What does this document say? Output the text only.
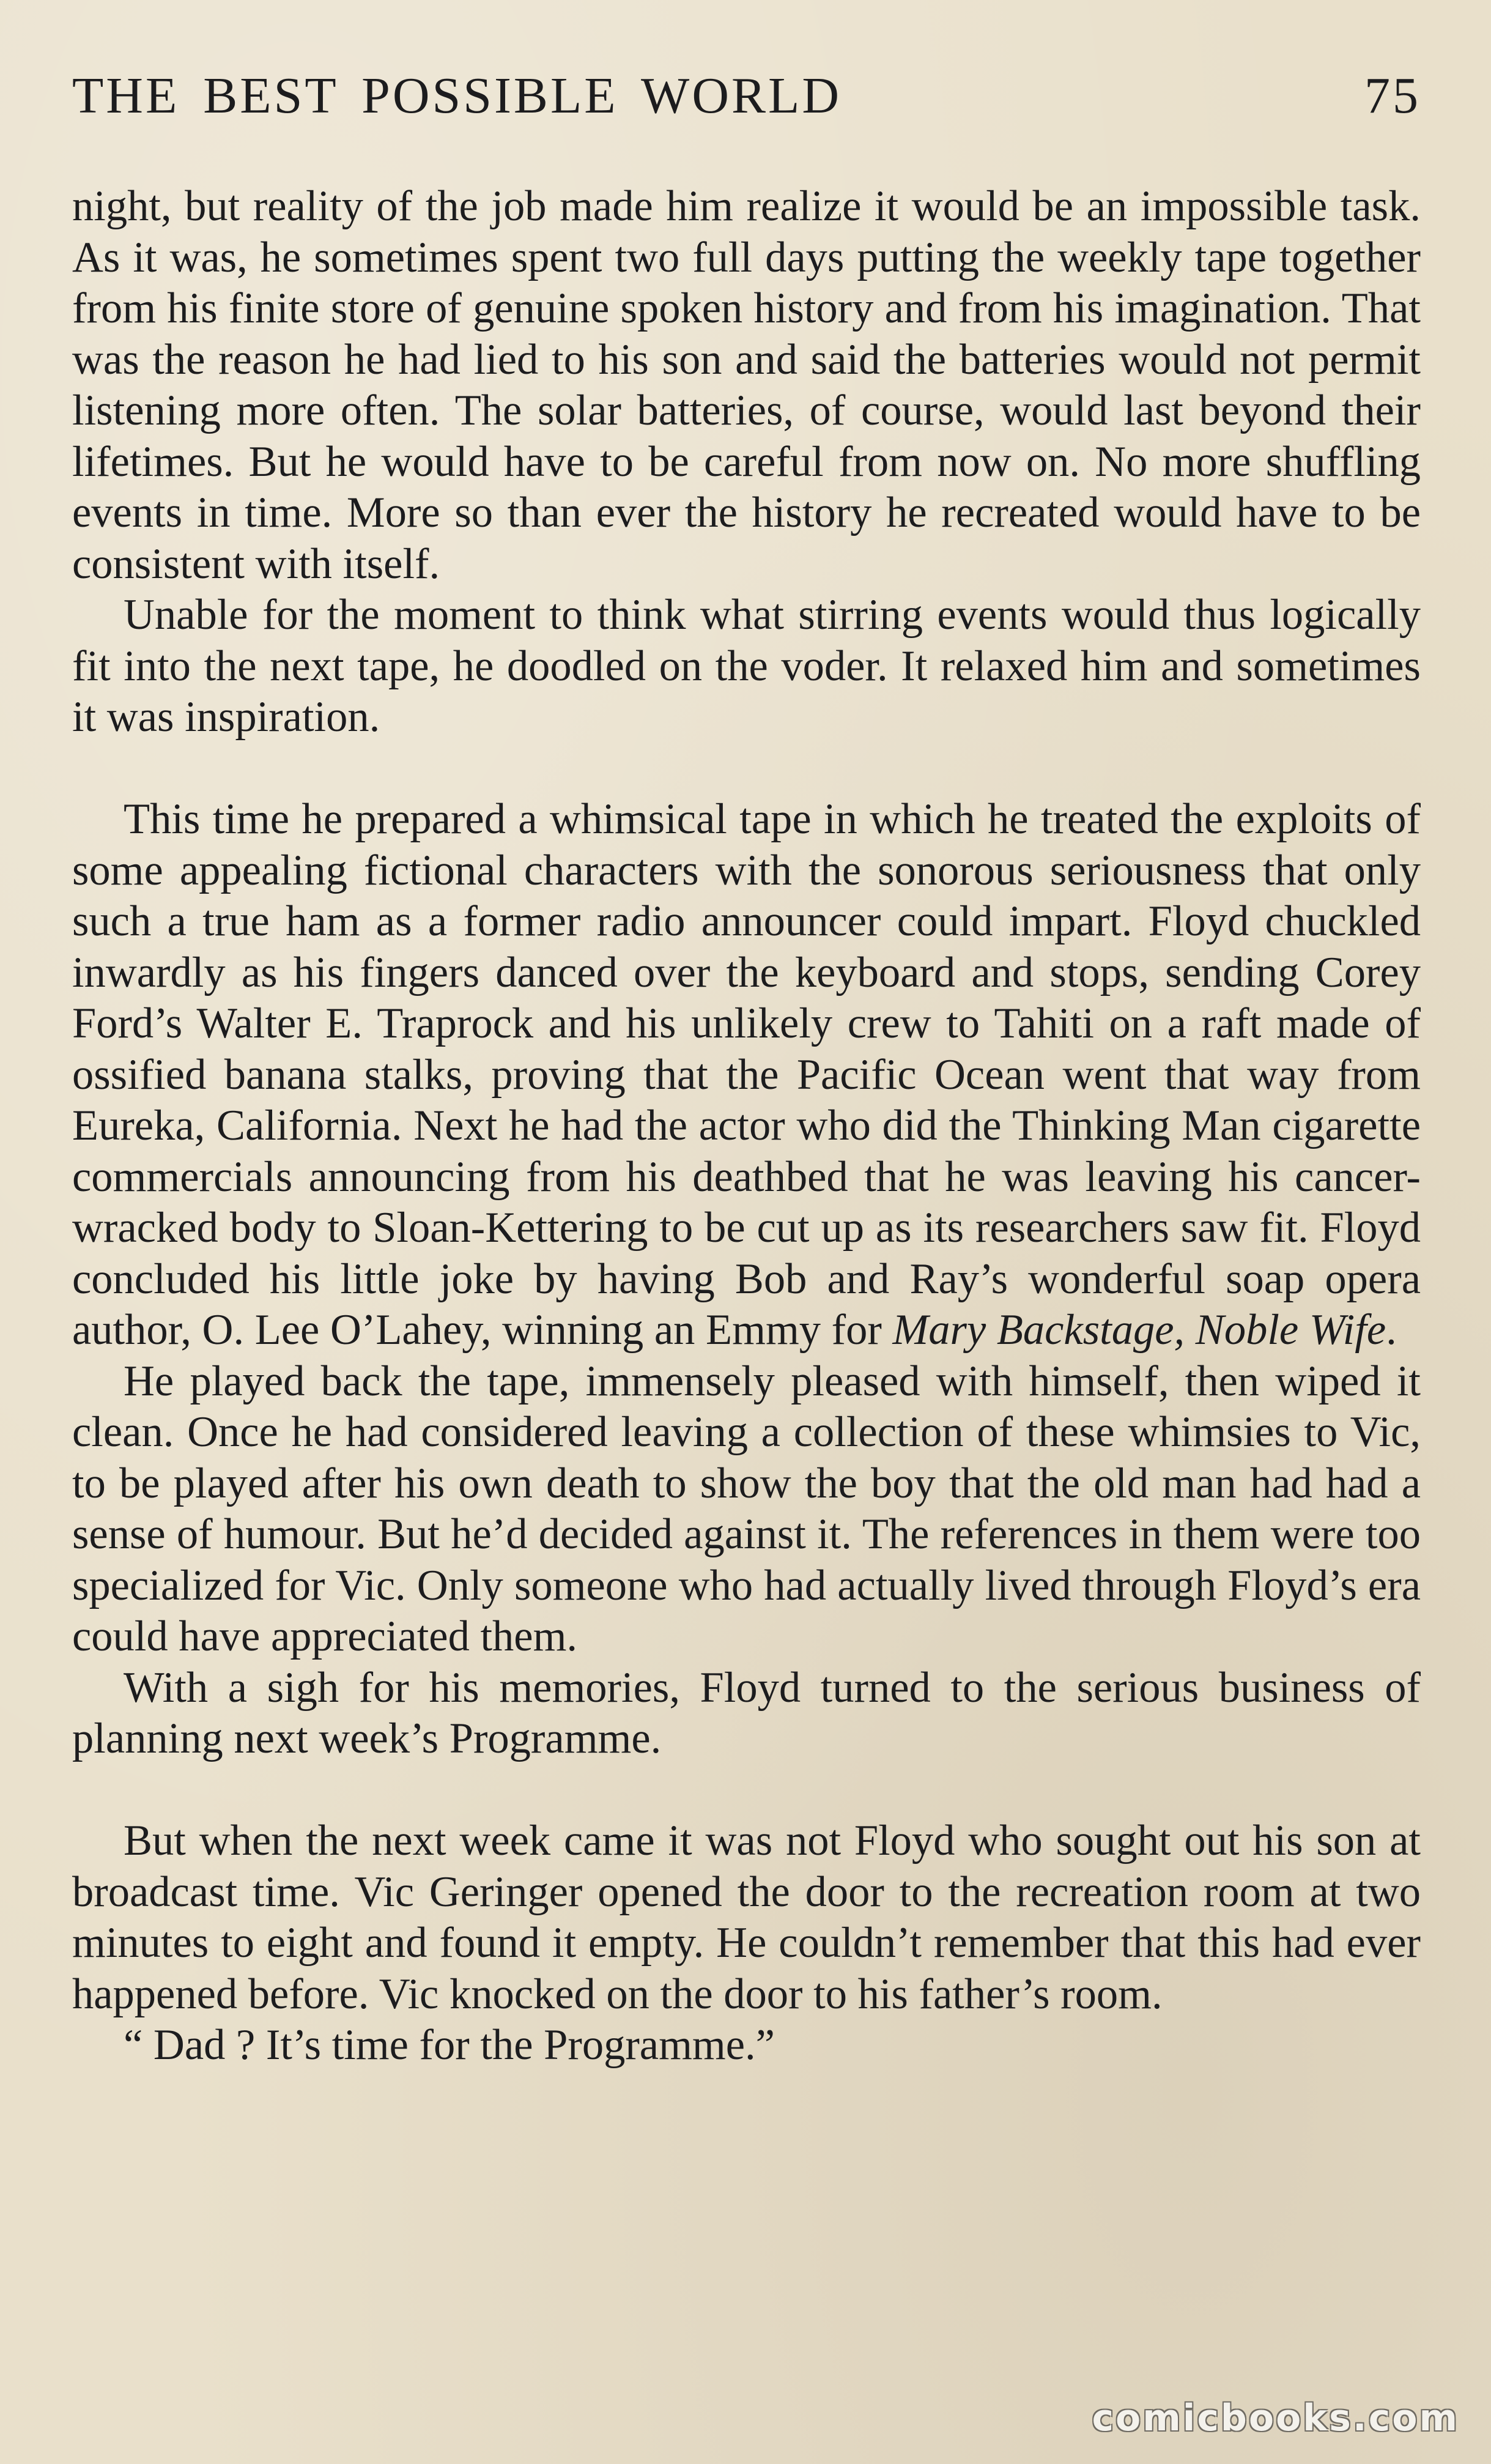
THE BEST POSSIBLE WORLD	75

night, but reality of the job made him realize it would be an impossible task. As it was, he sometimes spent two full days putting the weekly tape together from his finite store of genuine spoken history and from his imagination. That was the reason he had lied to his son and said the batteries would not permit listening more often. The solar batteries, of course, would last beyond their lifetimes. But he would have to be careful from now on. No more shuffling events in time. More so than ever the history he recreated would have to be consistent with itself.

Unable for the moment to think what stirring events would thus logically fit into the next tape, he doodled on the voder. It relaxed him and sometimes it was inspiration.

This time he prepared a whimsical tape in which he treated the exploits of some appealing fictional characters with the sonorous seriousness that only such a true ham as a former radio announcer could impart. Floyd chuckled inwardly as his fingers danced over the keyboard and stops, sending Corey Ford’s Walter E. Traprock and his unlikely crew to Tahiti on a raft made of ossified banana stalks, proving that the Pacific Ocean went that way from Eureka, California. Next he had the actor who did the Thinking Man cigarette commercials announcing from his deathbed that he was leaving his cancer-wracked body to Sloan-Kettering to be cut up as its researchers saw fit. Floyd concluded his little joke by having Bob and Ray’s wonderful soap opera author, O. Lee O’Lahey, winning an Emmy for Mary Backstage, Noble Wife.

He played back the tape, immensely pleased with himself, then wiped it clean. Once he had considered leaving a collection of these whimsies to Vic, to be played after his own death to show the boy that the old man had had a sense of humour. But he’d decided against it. The references in them were too specialized for Vic. Only someone who had actually lived through Floyd’s era could have appreciated them.

With a sigh for his memories, Floyd turned to the serious business of planning next week’s Programme.

But when the next week came it was not Floyd who sought out his son at broadcast time. Vic Geringer opened the door to the recreation room at two minutes to eight and found it empty. He couldn’t remember that this had ever happened before. Vic knocked on the door to his father’s room.

“ Dad ? It’s time for the Programme.”

comicbooks.com
